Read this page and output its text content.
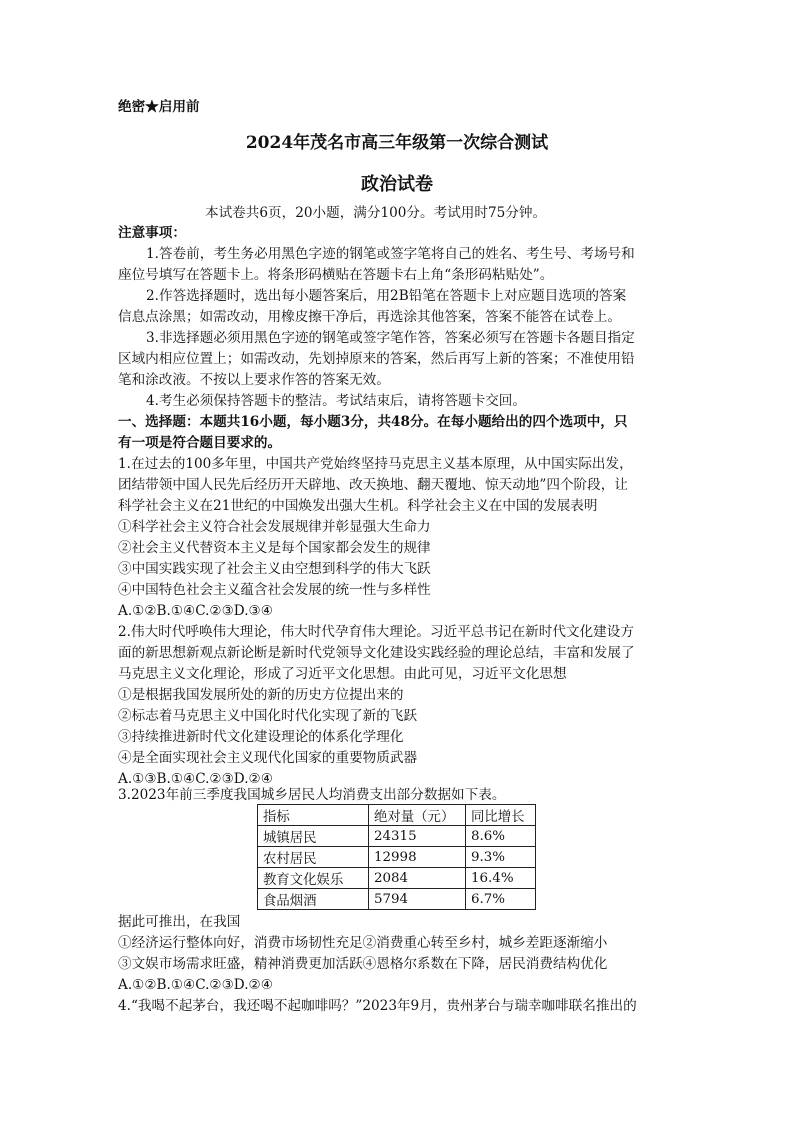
绝密★启用前
2024年茂名市高三年级第一次综合测试
政治试卷
本试卷共6页，20小题，满分100分。考试用时75分钟。
注意事项：
1.答卷前，考生务必用黑色字迹的钢笔或签字笔将自己的姓名、考生号、考场号和
座位号填写在答题卡上。将条形码横贴在答题卡右上角“条形码粘贴处”。
2.作答选择题时，选出每小题答案后，用2B铅笔在答题卡上对应题目选项的答案
信息点涂黑；如需改动，用橡皮擦干净后，再选涂其他答案，答案不能答在试卷上。
3.非选择题必须用黑色字迹的钢笔或签字笔作答，答案必须写在答题卡各题目指定
区域内相应位置上；如需改动，先划掉原来的答案，然后再写上新的答案；不准使用铅
笔和涂改液。不按以上要求作答的答案无效。
4.考生必须保持答题卡的整洁。考试结束后，请将答题卡交回。
一、选择题：本题共16小题，每小题3分，共48分。在每小题给出的四个选项中，只
有一项是符合题目要求的。
1.在过去的100多年里，中国共产党始终坚持马克思主义基本原理，从中国实际出发，
团结带领中国人民先后经历开天辟地、改天换地、翻天覆地、惊天动地”四个阶段，让
科学社会主义在21世纪的中国焕发出强大生机。科学社会主义在中国的发展表明
①科学社会主义符合社会发展规律并彰显强大生命力
②社会主义代替资本主义是每个国家都会发生的规律
③中国实践实现了社会主义由空想到科学的伟大飞跃
④中国特色社会主义蕴含社会发展的统一性与多样性
A.①②B.①④C.②③D.③④
2.伟大时代呼唤伟大理论，伟大时代孕育伟大理论。习近平总书记在新时代文化建设方
面的新思想新观点新论断是新时代党领导文化建设实践经验的理论总结，丰富和发展了
马克思主义文化理论，形成了习近平文化思想。由此可见，习近平文化思想
①是根据我国发展所处的新的历史方位提出来的
②标志着马克思主义中国化时代化实现了新的飞跃
③持续推进新时代文化建设理论的体系化学理化
④是全面实现社会主义现代化国家的重要物质武器
A.①③B.①④C.②③D.②④
3.2023年前三季度我国城乡居民人均消费支出部分数据如下表。
指标	绝对量（元）	同比增长
城镇居民	24315	8.6%
农村居民	12998	9.3%
教育文化娱乐	2084	16.4%
食品烟酒	5794	6.7%
据此可推出，在我国
①经济运行整体向好，消费市场韧性充足②消费重心转至乡村，城乡差距逐渐缩小
③文娱市场需求旺盛，精神消费更加活跃④恩格尔系数在下降，居民消费结构优化
A.①②B.①④C.②③D.②④
4.“我喝不起茅台，我还喝不起咖啡吗？”2023年9月，贵州茅台与瑞幸咖啡联名推出的
